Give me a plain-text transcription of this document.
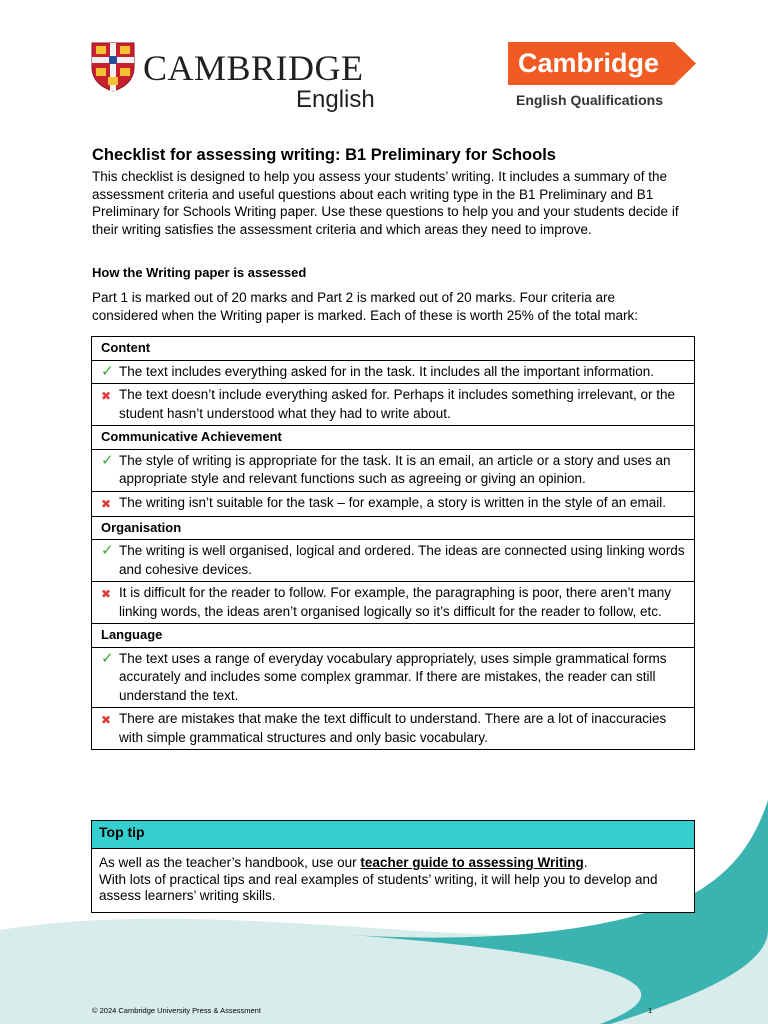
CAMBRIDGE
English
Cambridge
English Qualifications
Checklist for assessing writing: B1 Preliminary for Schools
This checklist is designed to help you assess your students’ writing. It includes a summary of the assessment criteria and useful questions about each writing type in the B1 Preliminary and B1 Preliminary for Schools Writing paper. Use these questions to help you and your students decide if their writing satisfies the assessment criteria and which areas they need to improve.
How the Writing paper is assessed
Part 1 is marked out of 20 marks and Part 2 is marked out of 20 marks. Four criteria are considered when the Writing paper is marked. Each of these is worth 25% of the total mark:
Content

✓ The text includes everything asked for in the task. It includes all the important information.

✖ The text doesn’t include everything asked for. Perhaps it includes something irrelevant, or the student hasn’t understood what they had to write about.

Communicative Achievement

✓ The style of writing is appropriate for the task. It is an email, an article or a story and uses an appropriate style and relevant functions such as agreeing or giving an opinion.

✖ The writing isn’t suitable for the task – for example, a story is written in the style of an email.

Organisation

✓ The writing is well organised, logical and ordered. The ideas are connected using linking words and cohesive devices.

✖ It is difficult for the reader to follow. For example, the paragraphing is poor, there aren’t many linking words, the ideas aren’t organised logically so it’s difficult for the reader to follow, etc.

Language

✓ The text uses a range of everyday vocabulary appropriately, uses simple grammatical forms accurately and includes some complex grammar. If there are mistakes, the reader can still understand the text.

✖ There are mistakes that make the text difficult to understand. There are a lot of inaccuracies with simple grammatical structures and only basic vocabulary.
Top tip
As well as the teacher’s handbook, use our teacher guide to assessing Writing.
With lots of practical tips and real examples of students’ writing, it will help you to develop and assess learners’ writing skills.
© 2024 Cambridge University Press & Assessment	1
